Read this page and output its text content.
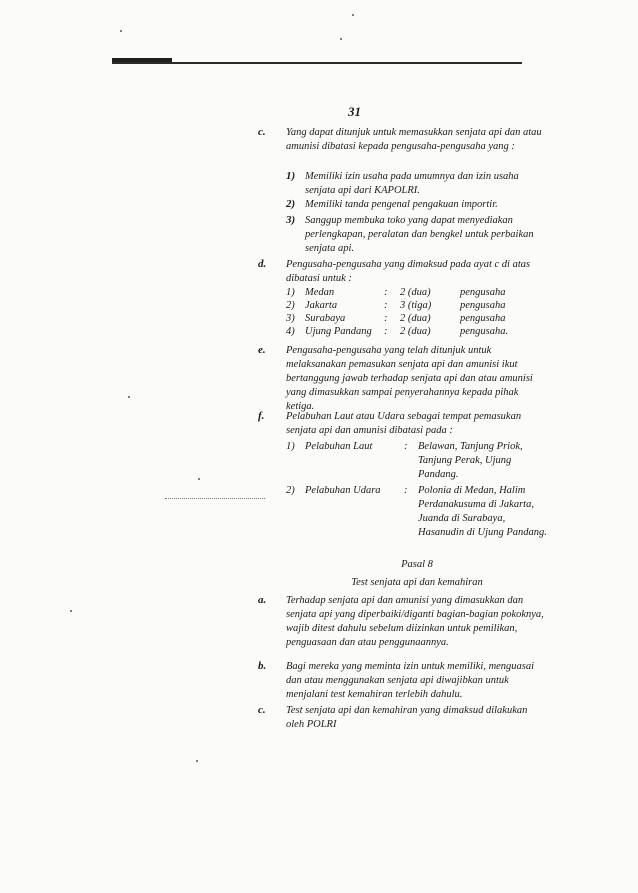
31
c. Yang dapat ditunjuk untuk memasukkan senjata api dan atau amunisi dibatasi kepada pengusaha-pengusaha yang :
1) Memiliki izin usaha pada umumnya dan izin usaha senjata api dari KAPOLRI.
2) Memiliki tanda pengenal pengakuan importir.
3) Sanggup membuka toko yang dapat menyediakan perlengkapan, peralatan dan bengkel untuk perbaikan senjata api.
d. Pengusaha-pengusaha yang dimaksud pada ayat c di atas dibatasi untuk :
1) Medan	: 2 (dua)	pengusaha
2) Jakarta	: 3 (tiga)	pengusaha
3) Surabaya	: 2 (dua)	pengusaha
4) Ujung Pandang : 2 (dua)	pengusaha.
e. Pengusaha-pengusaha yang telah ditunjuk untuk melaksanakan pemasukan senjata api dan amunisi ikut bertanggung jawab terhadap senjata api dan atau amunisi yang dimasukkan sampai penyerahannya kepada pihak ketiga.
f. Pelabuhan Laut atau Udara sebagai tempat pemasukan senjata api dan amunisi dibatasi pada :
1) Pelabuhan Laut	: Belawan, Tanjung Priok, Tanjung Perak, Ujung Pandang.
2) Pelabuhan Udara : Polonia di Medan, Halim Perdanakusuma di Jakarta, Juanda di Surabaya, Hasanudin di Ujung Pandang.
Pasal 8
Test senjata api dan kemahiran
a. Terhadap senjata api dan amunisi yang dimasukkan dan senjata api yang diperbaiki/diganti bagian-bagian pokoknya, wajib ditest dahulu sebelum diizinkan untuk pemilikan, penguasaan dan atau penggunaannya.
b. Bagi mereka yang meminta izin untuk memiliki, menguasai dan atau menggunakan senjata api diwajibkan untuk menjalani test kemahiran terlebih dahulu.
c. Test senjata api dan kemahiran yang dimaksud dilakukan oleh POLRI
